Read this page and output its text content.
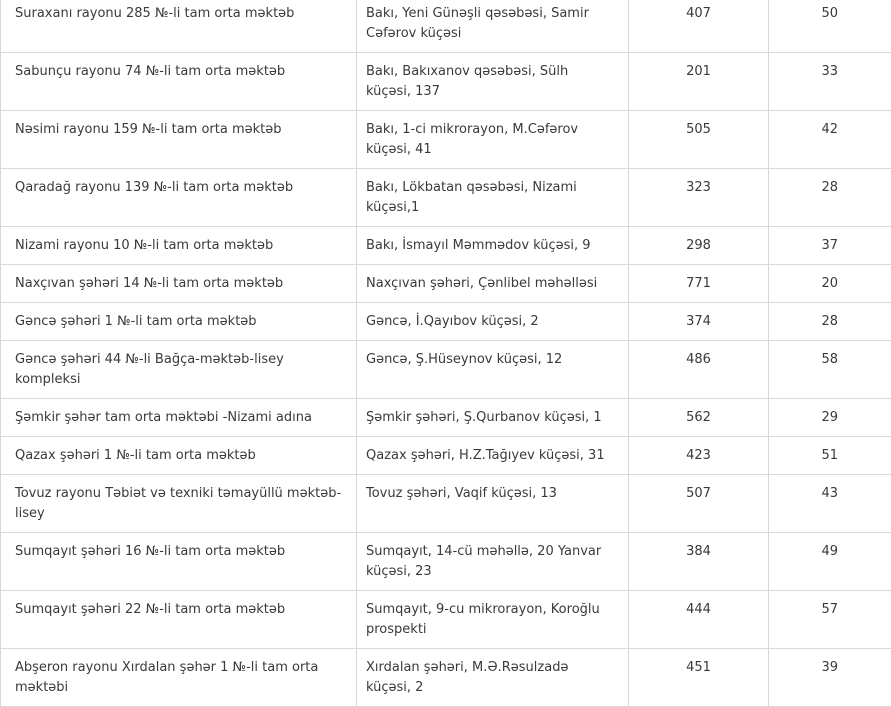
Suraxanı rayonu 285 №-li tam orta məktəb	Bakı, Yeni Günəşli qəsəbəsi, Samir Cəfərov küçəsi	407	50
Sabunçu rayonu 74 №-li tam orta məktəb	Bakı, Bakıxanov qəsəbəsi, Sülh küçəsi, 137	201	33
Nəsimi rayonu 159 №-li tam orta məktəb	Bakı, 1-ci mikrorayon, M.Cəfərov küçəsi, 41	505	42
Qaradağ rayonu 139 №-li tam orta məktəb	Bakı, Lökbatan qəsəbəsi, Nizami küçəsi,1	323	28
Nizami rayonu 10 №-li tam orta məktəb	Bakı, İsmayıl Məmmədov küçəsi, 9	298	37
Naxçıvan şəhəri 14 №-li tam orta məktəb	Naxçıvan şəhəri, Çənlibel məhəlləsi	771	20
Gəncə şəhəri 1 №-li tam orta məktəb	Gəncə, İ.Qayıbov küçəsi, 2	374	28
Gəncə şəhəri 44 №-li Bağça-məktəb-lisey kompleksi	Gəncə, Ş.Hüseynov küçəsi, 12	486	58
Şəmkir şəhər tam orta məktəbi -Nizami adına	Şəmkir şəhəri, Ş.Qurbanov küçəsi, 1	562	29
Qazax şəhəri 1 №-li tam orta məktəb	Qazax şəhəri, H.Z.Tağıyev küçəsi, 31	423	51
Tovuz rayonu Təbiət və texniki təmayüllü məktəb-lisey	Tovuz şəhəri, Vaqif küçəsi, 13	507	43
Sumqayıt şəhəri 16 №-li tam orta məktəb	Sumqayıt, 14-cü məhəllə, 20 Yanvar küçəsi, 23	384	49
Sumqayıt şəhəri 22 №-li tam orta məktəb	Sumqayıt, 9-cu mikrorayon, Koroğlu prospekti	444	57
Abşeron rayonu Xırdalan şəhər 1 №-li tam orta məktəbi	Xırdalan şəhəri, M.Ə.Rəsulzadə küçəsi, 2	451	39
